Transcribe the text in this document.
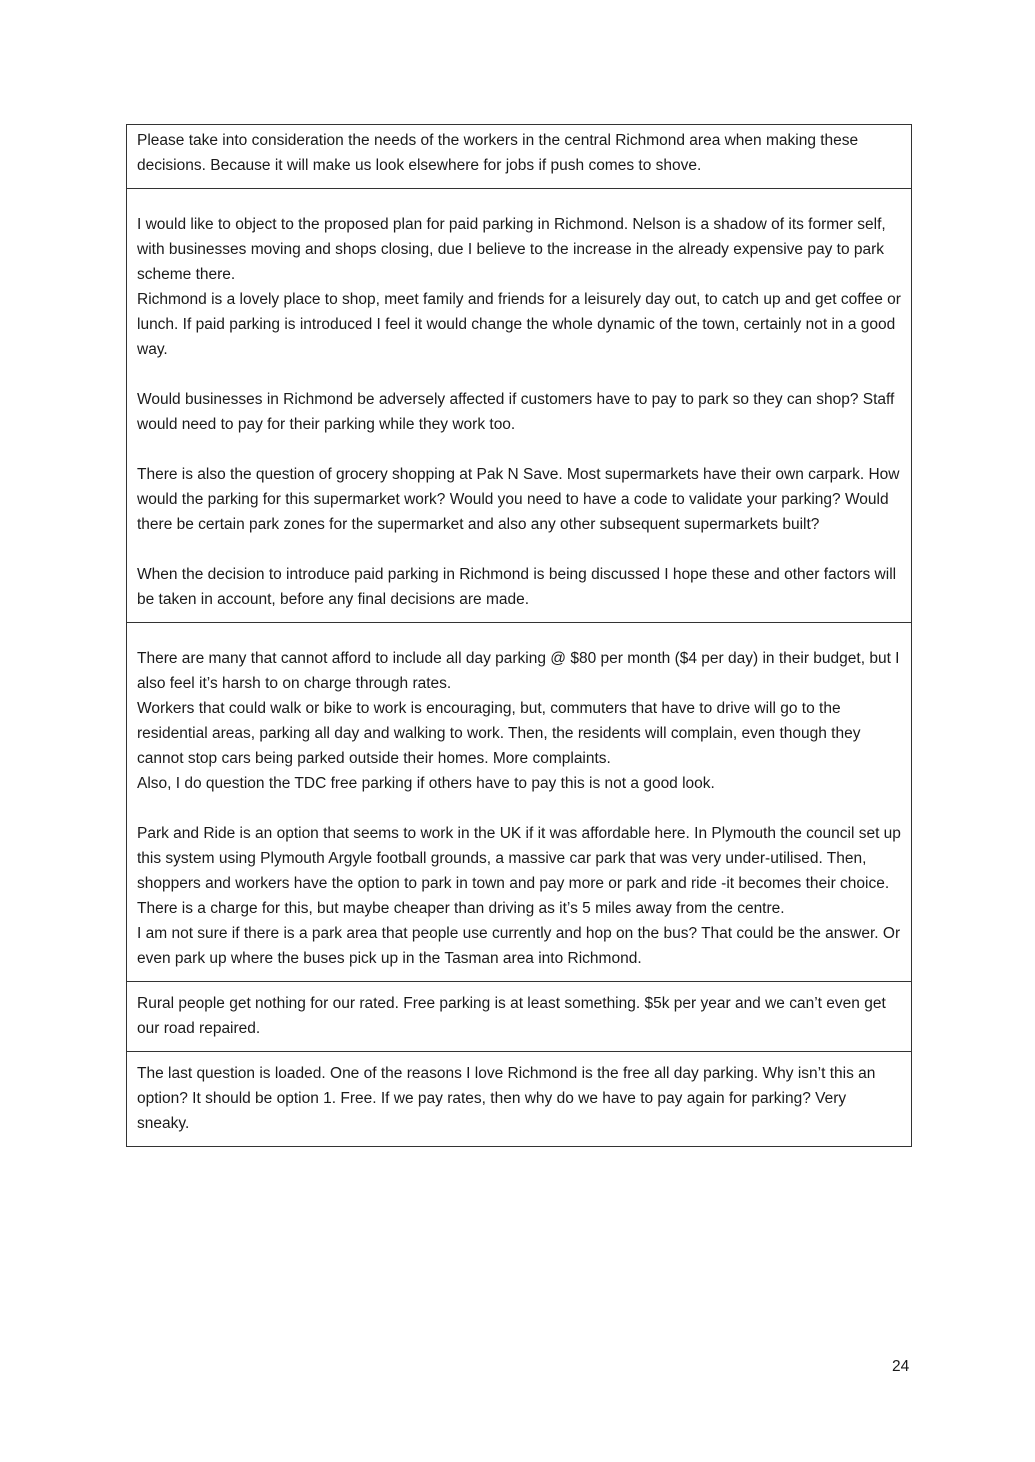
Please take into consideration the needs of the workers in the central Richmond area when making these decisions. Because it will make us look elsewhere for jobs if push comes to shove.

I would like to object to the proposed plan for paid parking in Richmond. Nelson is a shadow of its former self, with businesses moving and shops closing, due I believe to the increase in the already expensive pay to park scheme there.
Richmond is a lovely place to shop, meet family and friends for a leisurely day out, to catch up and get coffee or lunch. If paid parking is introduced I feel it would change the whole dynamic of the town, certainly not in a good way.

Would businesses in Richmond be adversely affected if customers have to pay to park so they can shop? Staff would need to pay for their parking while they work too.

There is also the question of grocery shopping at Pak N Save. Most supermarkets have their own carpark. How would the parking for this supermarket work? Would you need to have a code to validate your parking? Would there be certain park zones for the supermarket and also any other subsequent supermarkets built?

When the decision to introduce paid parking in Richmond is being discussed I hope these and other factors will be taken in account, before any final decisions are made.

There are many that cannot afford to include all day parking @ $80 per month ($4 per day) in their budget, but I also feel it’s harsh to on charge through rates.
Workers that could walk or bike to work is encouraging, but, commuters that have to drive will go to the residential areas, parking all day and walking to work. Then, the residents will complain, even though they cannot stop cars being parked outside their homes. More complaints.
Also, I do question the TDC free parking if others have to pay this is not a good look.

Park and Ride is an option that seems to work in the UK if it was affordable here. In Plymouth the council set up this system using Plymouth Argyle football grounds, a massive car park that was very under-utilised. Then, shoppers and workers have the option to park in town and pay more or park and ride -it becomes their choice. There is a charge for this, but maybe cheaper than driving as it’s 5 miles away from the centre.
I am not sure if there is a park area that people use currently and hop on the bus? That could be the answer. Or even park up where the buses pick up in the Tasman area into Richmond.

Rural people get nothing for our rated. Free parking is at least something. $5k per year and we can’t even get our road repaired.

The last question is loaded. One of the reasons I love Richmond is the free all day parking. Why isn’t this an option? It should be option 1. Free. If we pay rates, then why do we have to pay again for parking? Very sneaky.

24
